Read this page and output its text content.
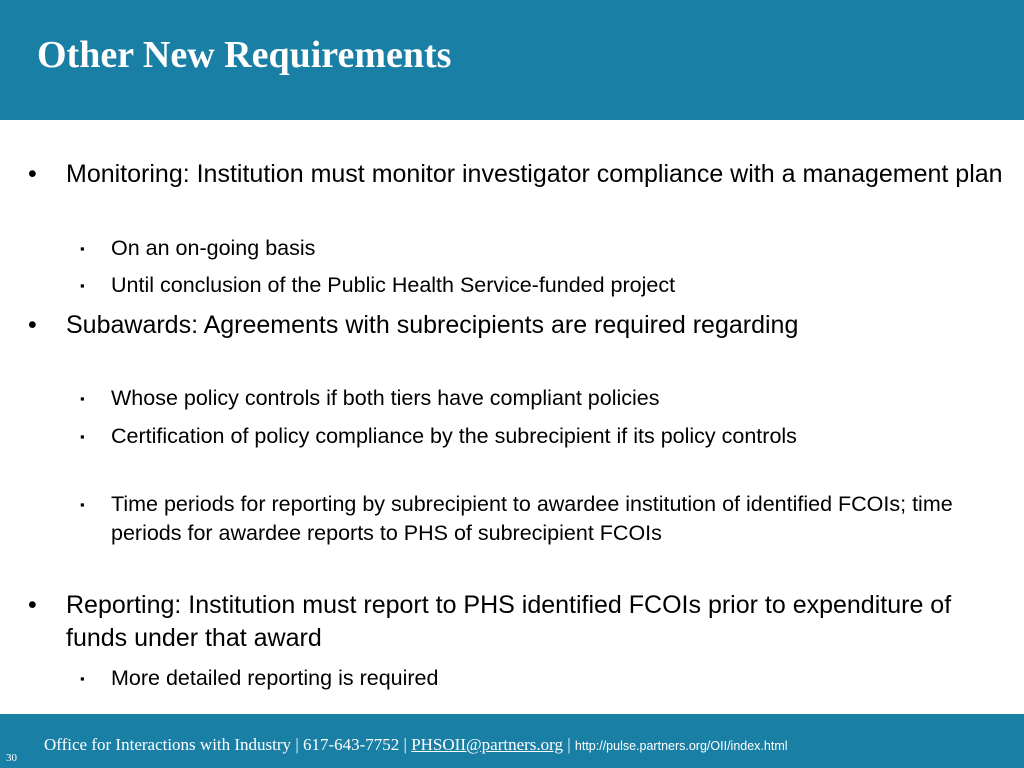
Other New Requirements
• Monitoring: Institution must monitor investigator compliance with a management plan
▪ On an on-going basis
▪ Until conclusion of the Public Health Service-funded project
• Subawards: Agreements with subrecipients are required regarding
▪ Whose policy controls if both tiers have compliant policies
▪ Certification of policy compliance by the subrecipient if its policy controls
▪ Time periods for reporting by subrecipient to awardee institution of identified FCOIs; time periods for awardee reports to PHS of subrecipient FCOIs
• Reporting: Institution must report to PHS identified FCOIs prior to expenditure of funds under that award
▪ More detailed reporting is required
Office for Interactions with Industry | 617-643-7752 | PHSOII@partners.org | http://pulse.partners.org/OII/index.html
30
